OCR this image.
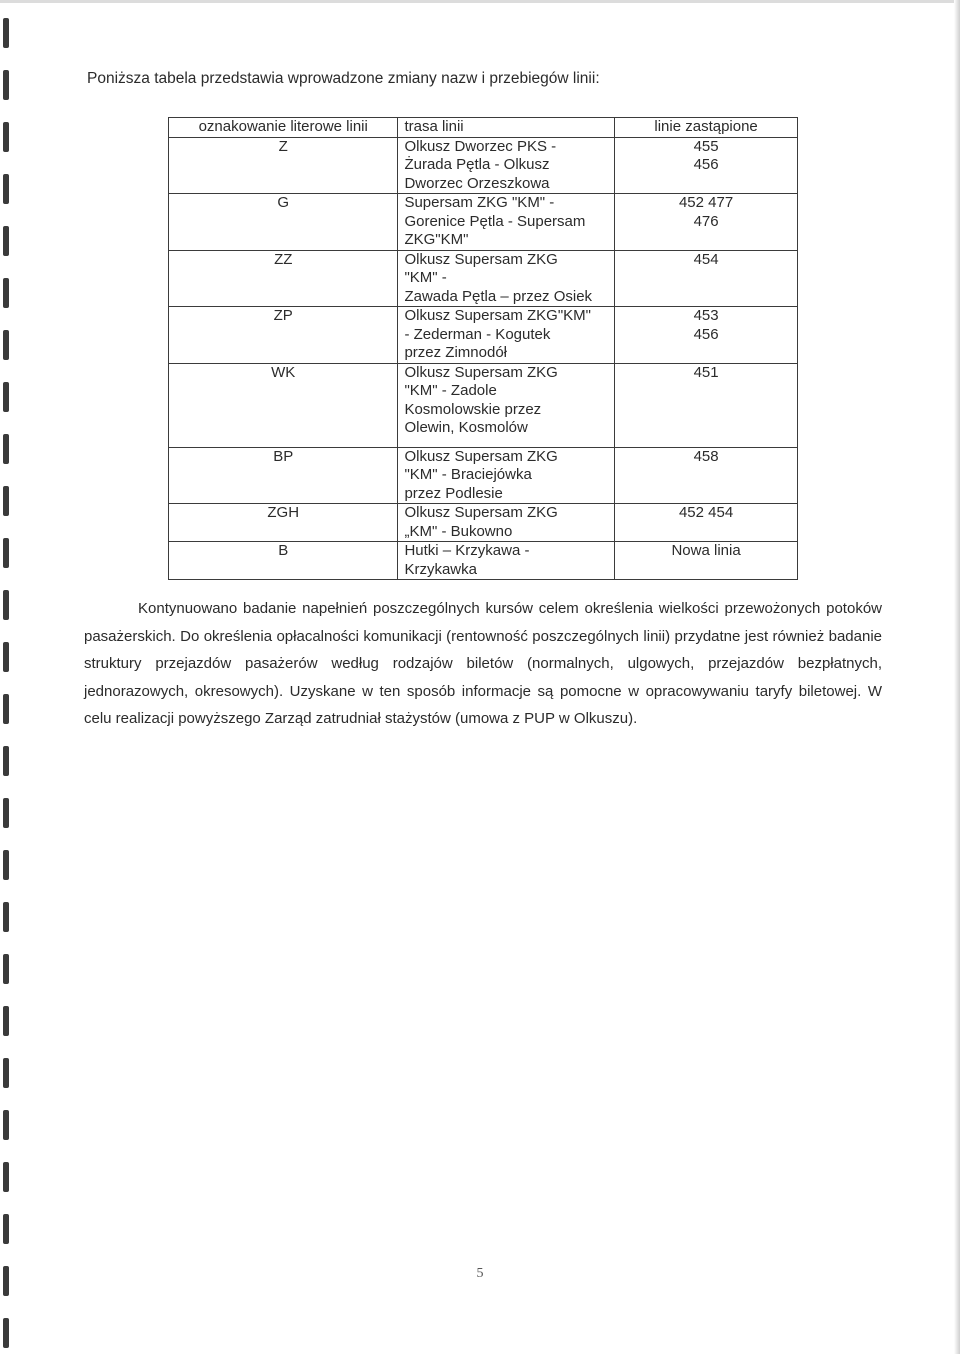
Poniższa tabela przedstawia wprowadzone zmiany nazw i przebiegów linii:
oznakowanie literowe linii	trasa linii	linie zastąpione
Z	Olkusz Dworzec PKS -
Żurada Pętla - Olkusz
Dworzec Orzeszkowa	455
456

G	Supersam ZKG "KM" -
Gorenice Pętla - Supersam
ZKG"KM"	452 477
476

ZZ	Olkusz Supersam ZKG
"KM" -
Zawada Pętla – przez Osiek	454

ZP	Olkusz Supersam ZKG"KM"
- Zederman - Kogutek
przez Zimnodół	453
456

WK	Olkusz Supersam ZKG
"KM" - Zadole
Kosmolowskie przez
Olewin, Kosmolów	451

BP	Olkusz Supersam ZKG
"KM" - Braciejówka
przez Podlesie	458

ZGH	Olkusz Supersam ZKG
„KM" - Bukowno	452 454

B	Hutki – Krzykawa -
Krzykawka	Nowa linia
Kontynuowano badanie napełnień poszczególnych kursów celem określenia wielkości przewożonych potoków pasażerskich. Do określenia opłacalności komunikacji (rentowność poszczególnych linii) przydatne jest również badanie struktury przejazdów pasażerów według rodzajów biletów (normalnych, ulgowych, przejazdów bezpłatnych, jednorazowych, okresowych). Uzyskane w ten sposób informacje są pomocne w opracowywaniu taryfy biletowej. W celu realizacji powyższego Zarząd zatrudniał stażystów (umowa z PUP w Olkuszu).
5
